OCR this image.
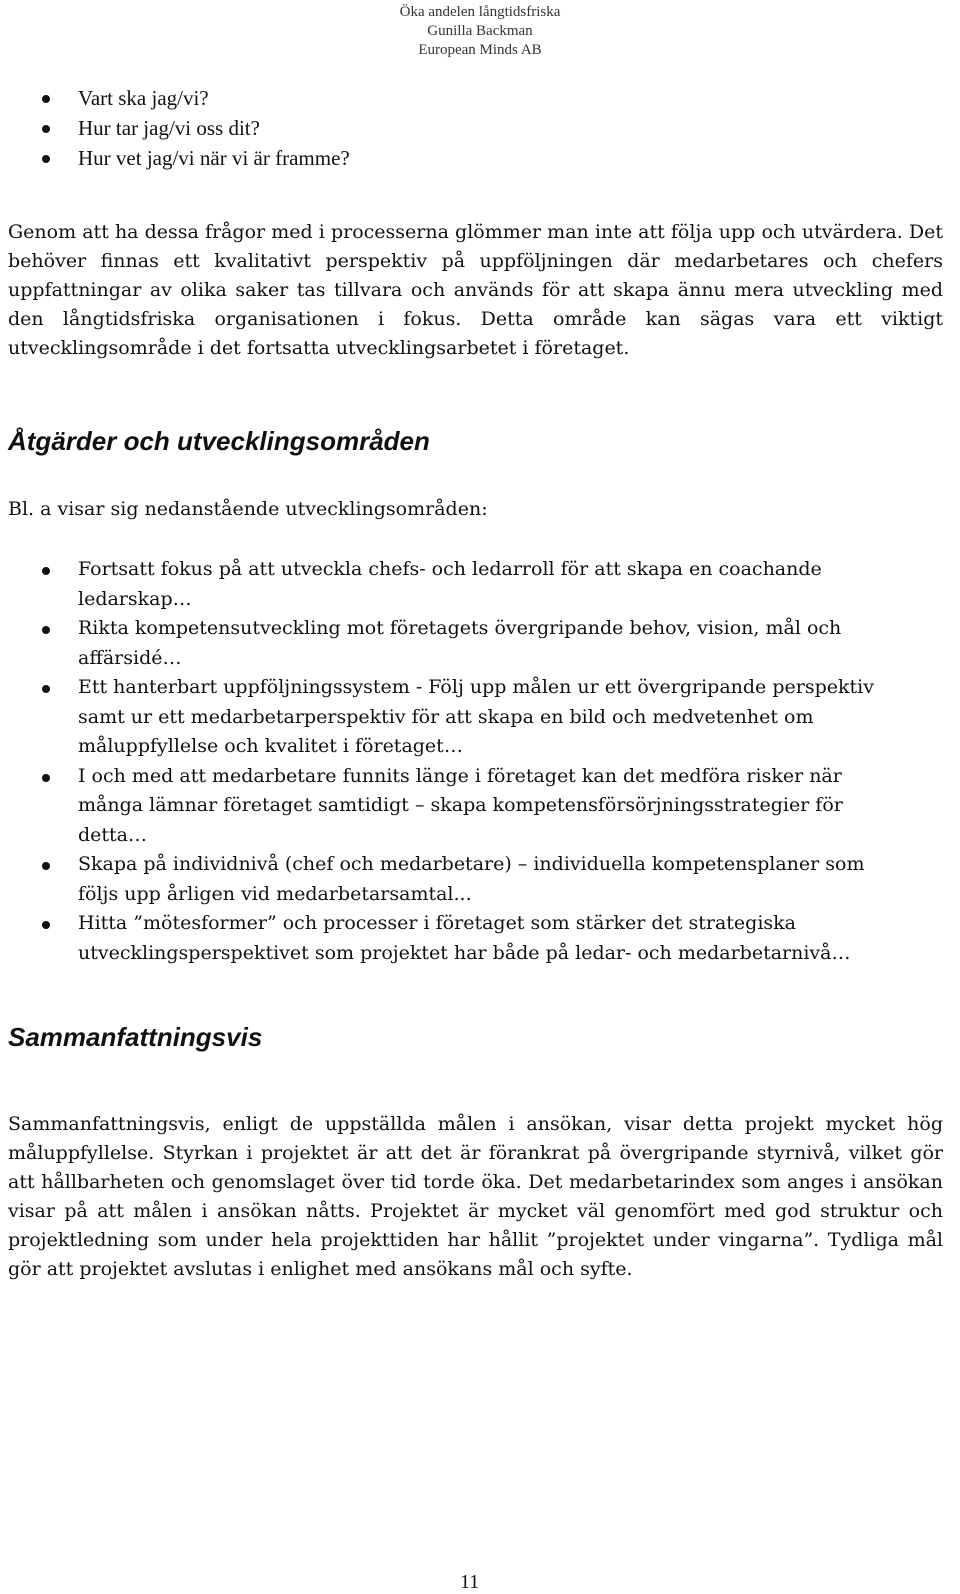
Öka andelen långtidsfriska
Gunilla Backman
European Minds AB
Vart ska jag/vi?
Hur tar jag/vi oss dit?
Hur vet jag/vi när vi är framme?

Genom att ha dessa frågor med i processerna glömmer man inte att följa upp och utvärdera. Det behöver finnas ett kvalitativt perspektiv på uppföljningen där medarbetares och chefers uppfattningar av olika saker tas tillvara och används för att skapa ännu mera utveckling med den långtidsfriska organisationen i fokus. Detta område kan sägas vara ett viktigt utvecklingsområde i det fortsatta utvecklingsarbetet i företaget.

Åtgärder och utvecklingsområden
Bl. a visar sig nedanstående utvecklingsområden:
Fortsatt fokus på att utveckla chefs- och ledarroll för att skapa en coachande ledarskap…
Rikta kompetensutveckling mot företagets övergripande behov, vision, mål och affärsidé…
Ett hanterbart uppföljningssystem - Följ upp målen ur ett övergripande perspektiv samt ur ett medarbetarperspektiv för att skapa en bild och medvetenhet om måluppfyllelse och kvalitet i företaget…
I och med att medarbetare funnits länge i företaget kan det medföra risker när många lämnar företaget samtidigt – skapa kompetensförsörjningsstrategier för detta…
Skapa på individnivå (chef och medarbetare) – individuella kompetensplaner som följs upp årligen vid medarbetarsamtal...
Hitta ”mötesformer” och processer i företaget som stärker det strategiska utvecklingsperspektivet som projektet har både på ledar- och medarbetarnivå…
Sammanfattningsvis

Sammanfattningsvis, enligt de uppställda målen i ansökan, visar detta projekt mycket hög måluppfyllelse. Styrkan i projektet är att det är förankrat på övergripande styrnivå, vilket gör att hållbarheten och genomslaget över tid torde öka. Det medarbetarindex som anges i ansökan visar på att målen i ansökan nåtts. Projektet är mycket väl genomfört med god struktur och projektledning som under hela projekttiden har hållit ”projektet under vingarna”. Tydliga mål gör att projektet avslutas i enlighet med ansökans mål och syfte.

11
